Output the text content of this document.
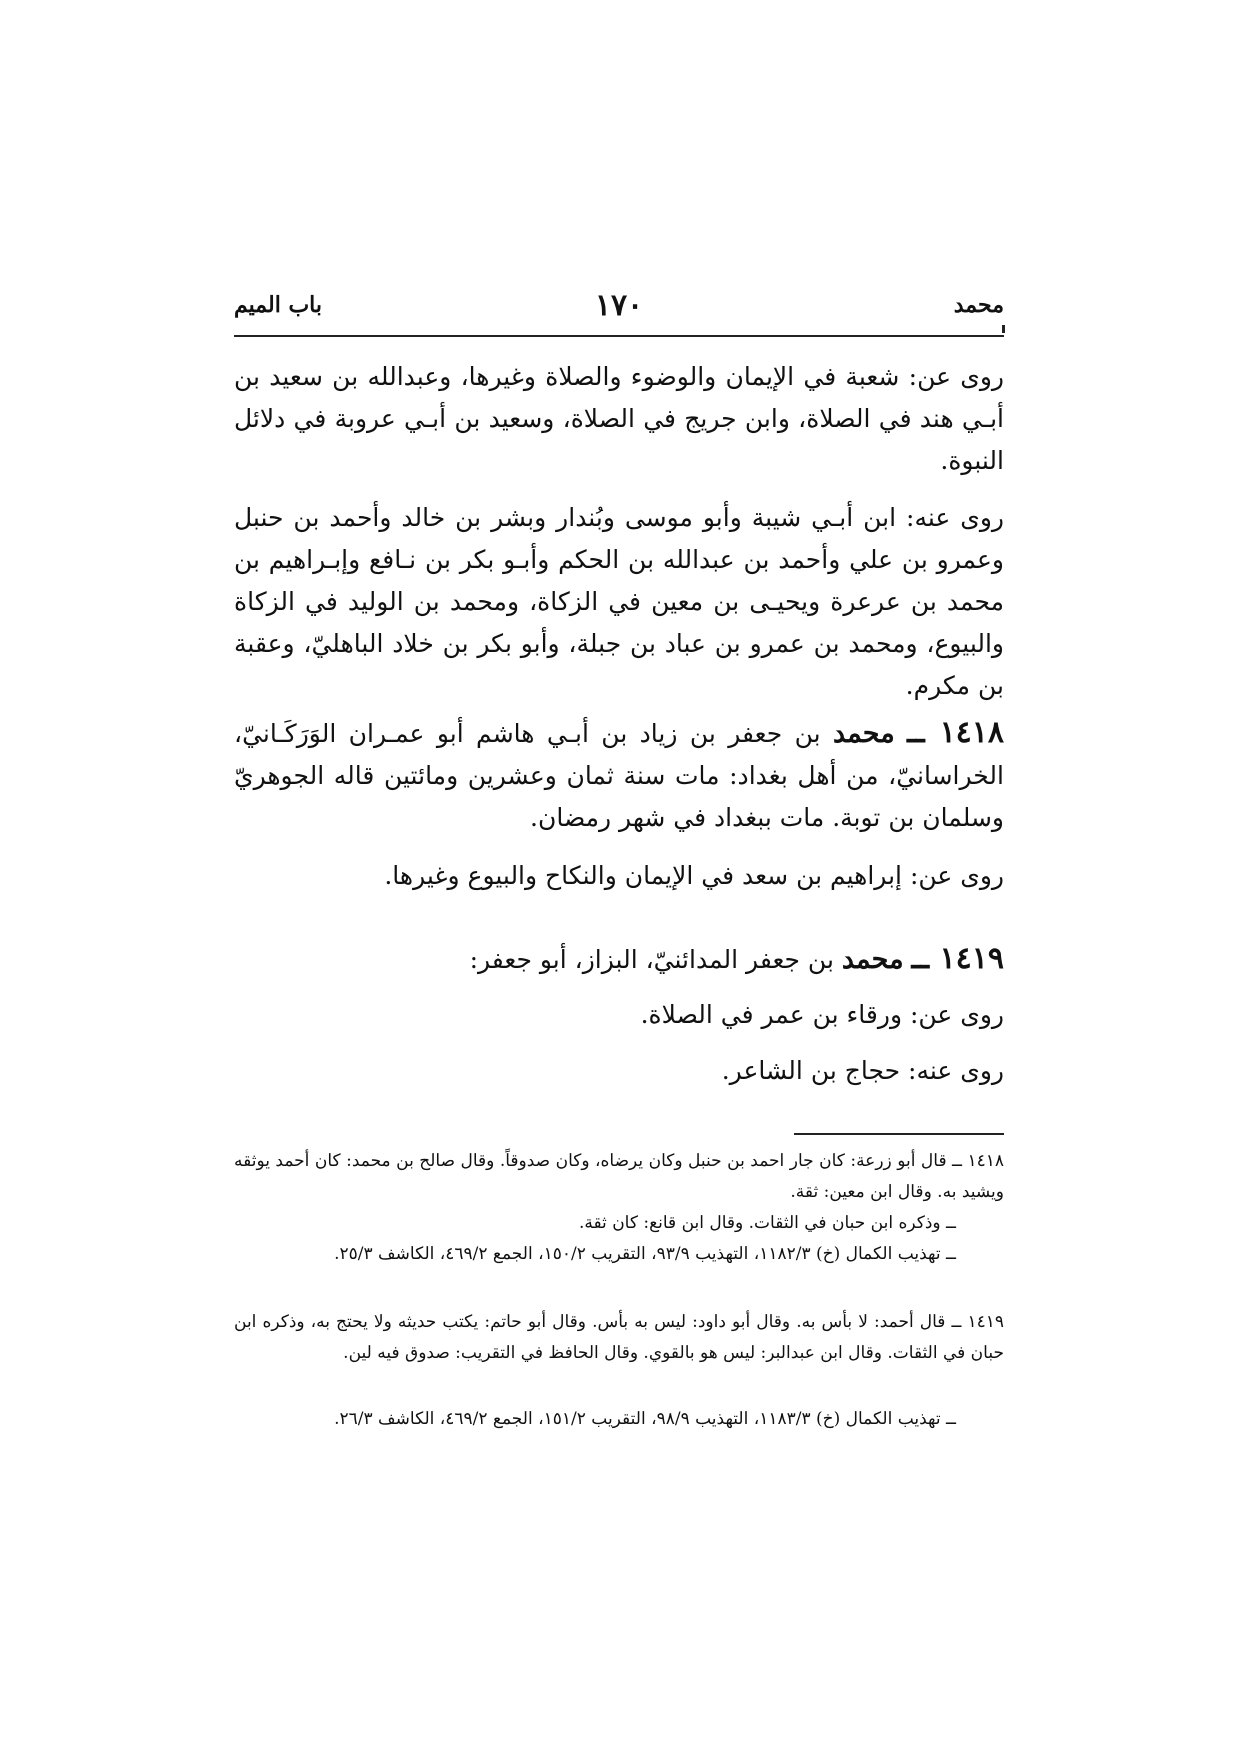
محمد
١٧٠
باب الميم
روى عن: شعبة في الإيمان والوضوء والصلاة وغيرها، وعبدالله بن سعيد بن أبـي هند في الصلاة، وابن جريج في الصلاة، وسعيد بن أبـي عروبة في دلائل النبوة.
روى عنه: ابن أبـي شيبة وأبو موسى وبُندار وبشر بن خالد وأحمد بن حنبل وعمرو بن علي وأحمد بن عبدالله بن الحكم وأبـو بكر بن نـافع وإبـراهيم بن محمد بن عرعرة ويحيـى بن معين في الزكاة، ومحمد بن الوليد في الزكاة والبيوع، ومحمد بن عمرو بن عباد بن جبلة، وأبو بكر بن خلاد الباهليّ، وعقبة بن مكرم.
١٤١٨ ــ محمد بن جعفر بن زياد بن أبـي هاشم أبو عمـران الوَرَكَـانيّ، الخراسانيّ، من أهل بغداد: مات سنة ثمان وعشرين ومائتين قاله الجوهريّ وسلمان بن توبة. مات ببغداد في شهر رمضان.
روى عن: إبراهيم بن سعد في الإيمان والنكاح والبيوع وغيرها.
١٤١٩ ــ محمد بن جعفر المدائنيّ، البزاز، أبو جعفر:
روى عن: ورقاء بن عمر في الصلاة.
روى عنه: حجاج بن الشاعر.
١٤١٨ ــ قال أبو زرعة: كان جار احمد بن حنبل وكان يرضاه، وكان صدوقاً. وقال صالح بن محمد: كان أحمد يوثقه ويشيد به. وقال ابن معين: ثقة.
ــ وذكره ابن حبان في الثقات. وقال ابن قانع: كان ثقة.
ــ تهذيب الكمال (خ) ١١٨٢/٣، التهذيب ٩٣/٩، التقريب ١٥٠/٢، الجمع ٤٦٩/٢، الكاشف ٢٥/٣.
١٤١٩ ــ قال أحمد: لا بأس به. وقال أبو داود: ليس به بأس. وقال أبو حاتم: يكتب حديثه ولا يحتج به، وذكره ابن حبان في الثقات. وقال ابن عبدالبر: ليس هو بالقوي. وقال الحافظ في التقريب: صدوق فيه لين.
ــ تهذيب الكمال (خ) ١١٨٣/٣، التهذيب ٩٨/٩، التقريب ١٥١/٢، الجمع ٤٦٩/٢، الكاشف ٢٦/٣.
